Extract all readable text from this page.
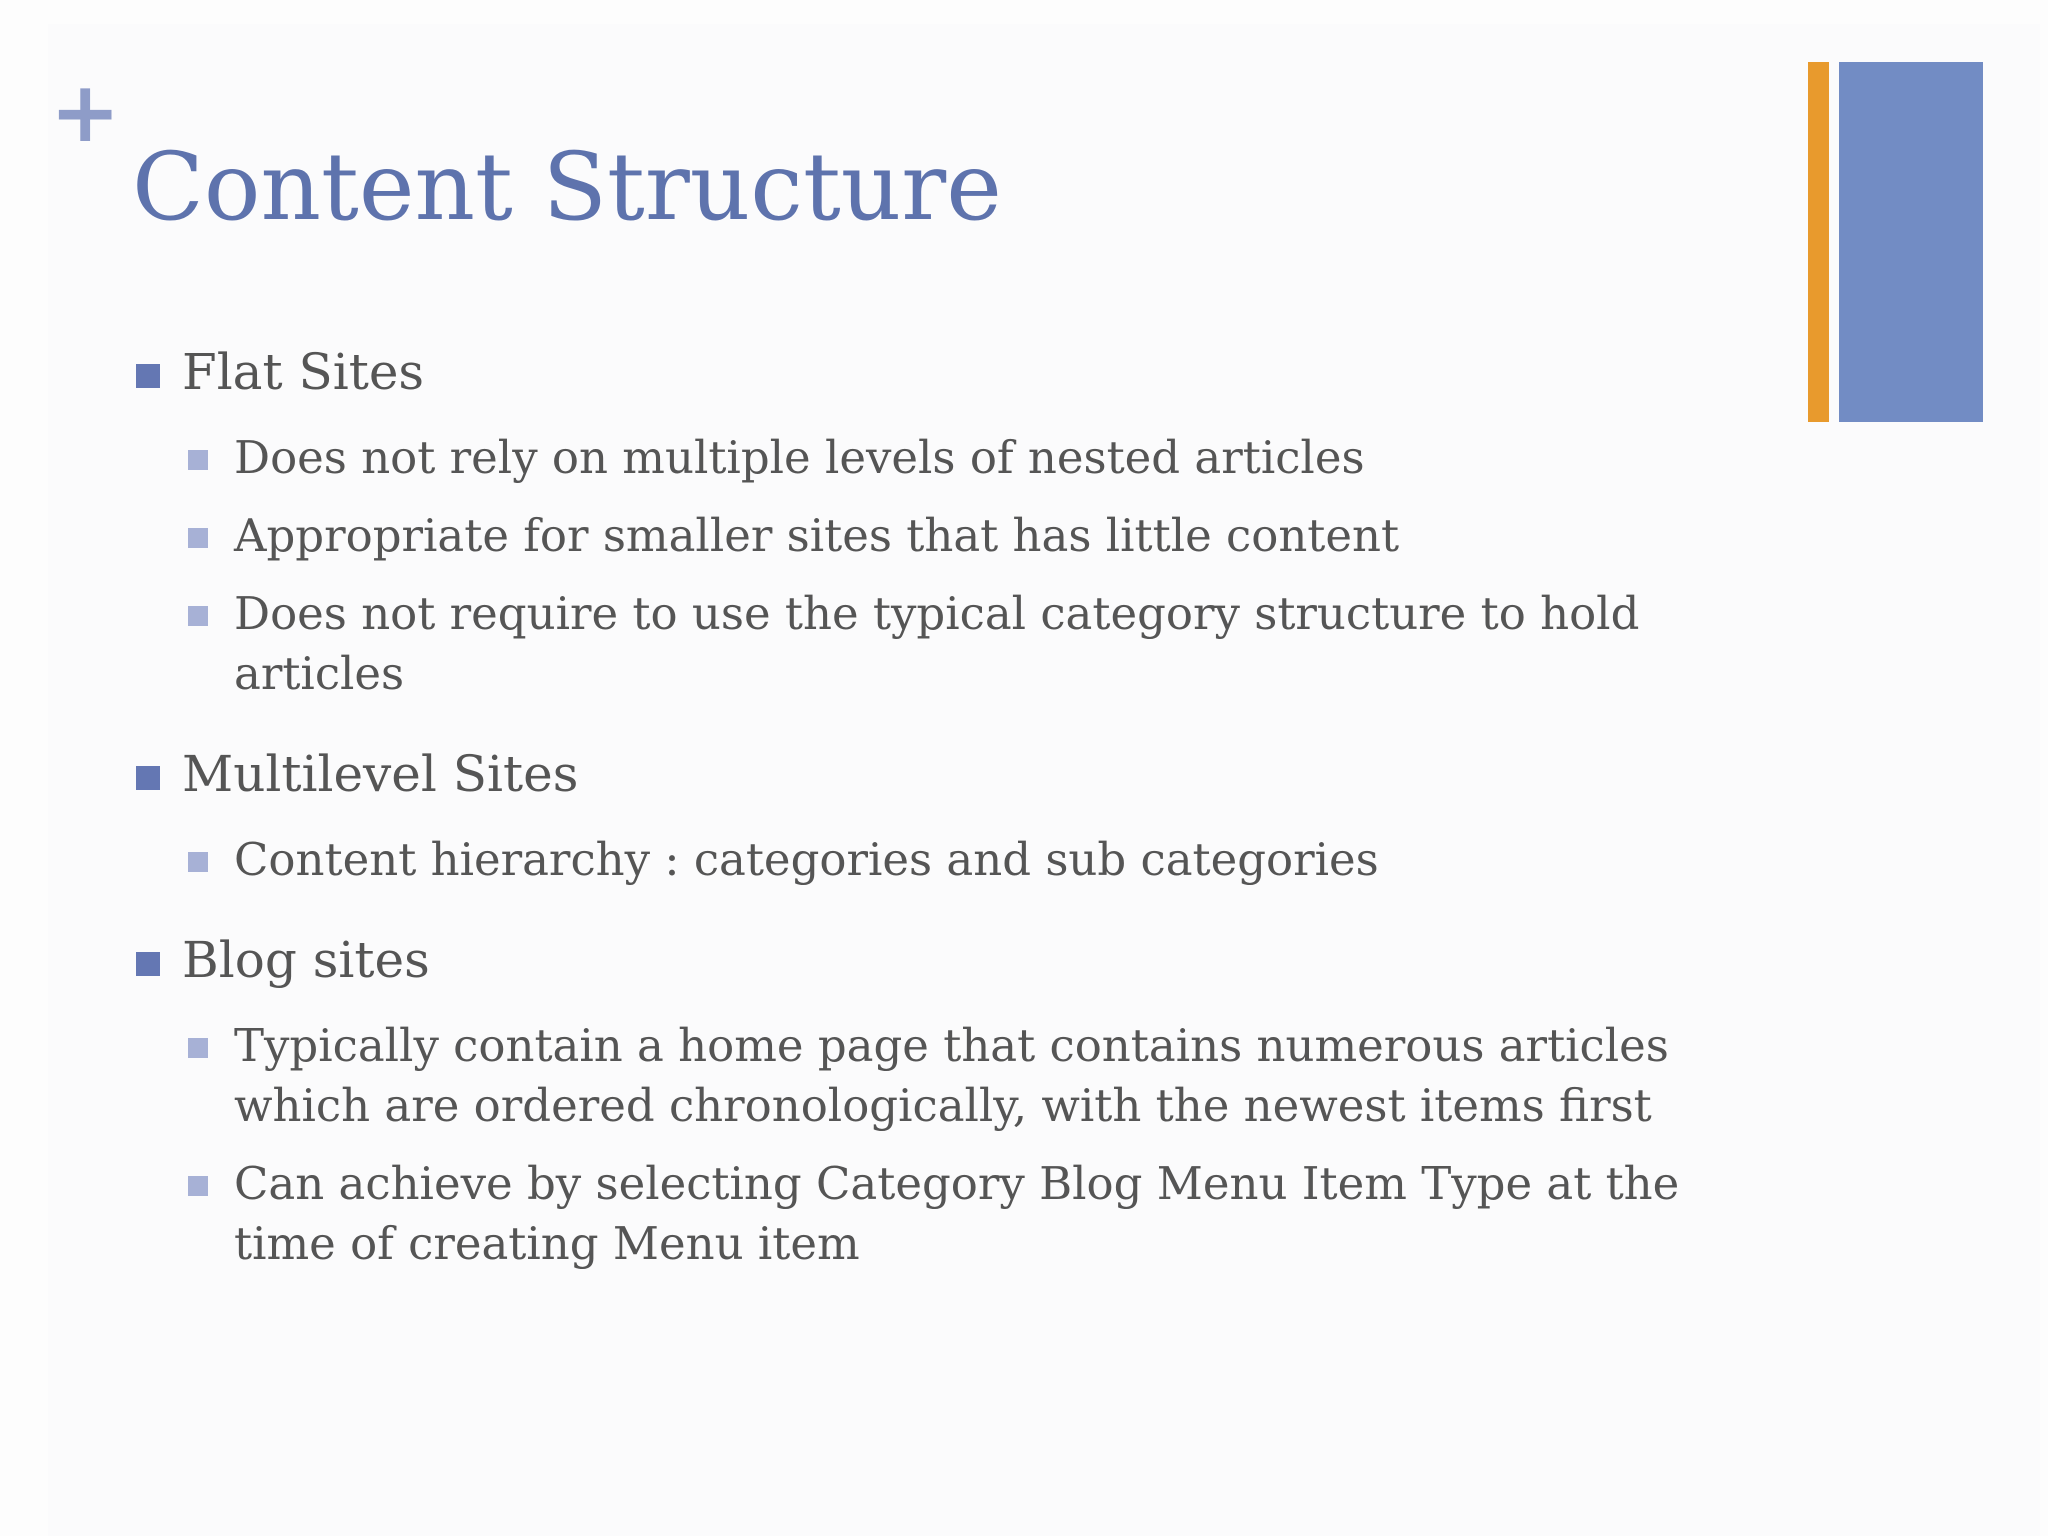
+
Content Structure
Flat Sites
Does not rely on multiple levels of nested articles
Appropriate for smaller sites that has little content
Does not require to use the typical category structure to hold articles
Multilevel Sites
Content hierarchy : categories and sub categories
Blog sites
Typically contain a home page that contains numerous articles which are ordered chronologically, with the newest items first
Can achieve by selecting Category Blog Menu Item Type at the time of creating Menu item
